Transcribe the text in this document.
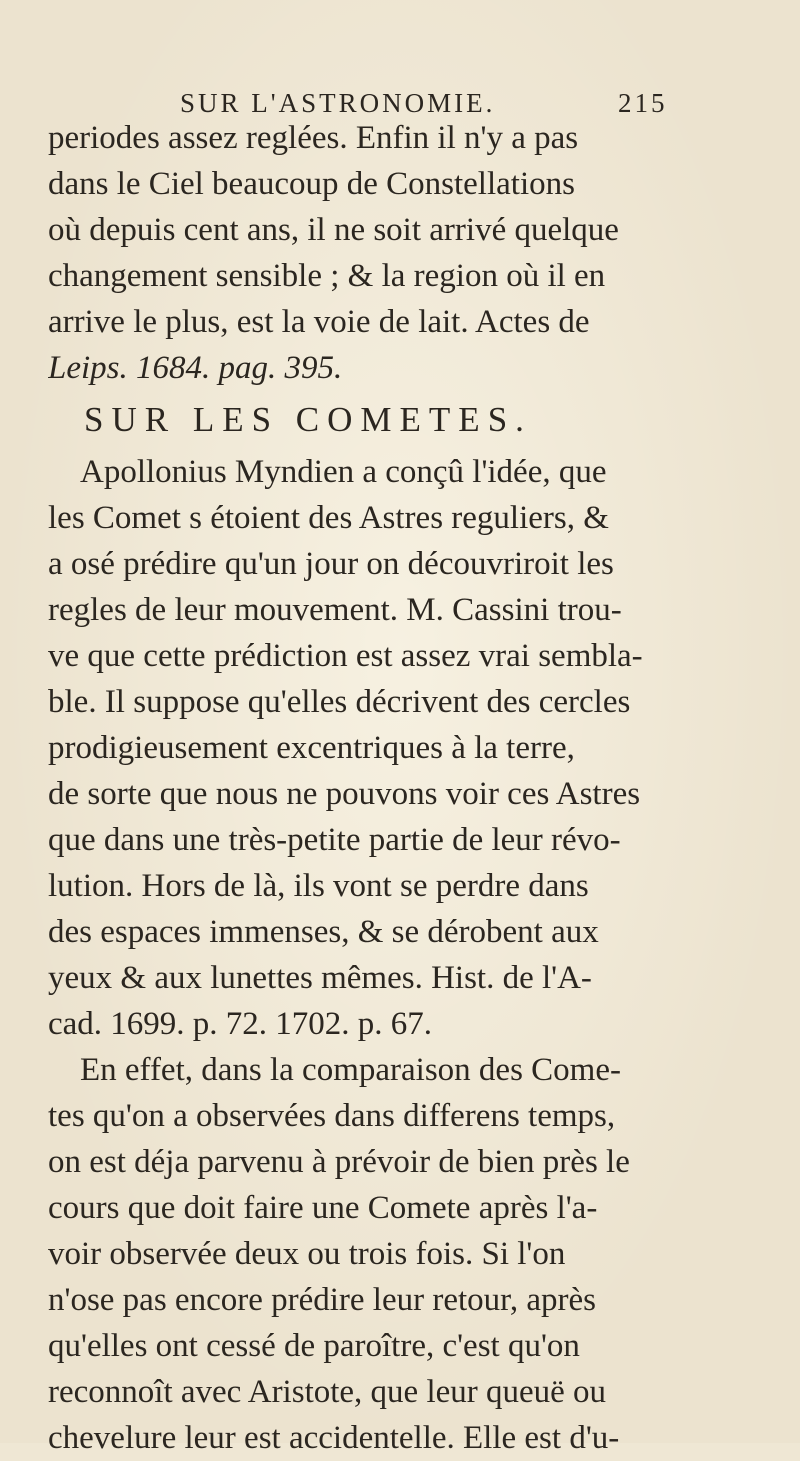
SUR L'ASTRONOMIE.	215
periodes assez reglées. Enfin il n'y a pas
dans le Ciel beaucoup de Constellations
où depuis cent ans, il ne soit arrivé quelque
changement sensible ; & la region où il en
arrive le plus, est la voie de lait. Actes de
Leips. 1684. pag. 395.
SUR LES COMETES.
Apollonius Myndien a conçû l'idée, que
les Comet s étoient des Astres reguliers, &
a osé prédire qu'un jour on découvriroit les
regles de leur mouvement. M. Cassini trou-
ve que cette prédiction est assez vrai sembla-
ble. Il suppose qu'elles décrivent des cercles
prodigieusement excentriques à la terre,
de sorte que nous ne pouvons voir ces Astres
que dans une très-petite partie de leur révo-
lution. Hors de là, ils vont se perdre dans
des espaces immenses, & se dérobent aux
yeux & aux lunettes mêmes. Hist. de l'A-
cad. 1699. p. 72. 1702. p. 67.
En effet, dans la comparaison des Come-
tes qu'on a observées dans differens temps,
on est déja parvenu à prévoir de bien près le
cours que doit faire une Comete après l'a-
voir observée deux ou trois fois. Si l'on
n'ose pas encore prédire leur retour, après
qu'elles ont cessé de paroître, c'est qu'on
reconnoît avec Aristote, que leur queuë ou
chevelure leur est accidentelle. Elle est d'u-
